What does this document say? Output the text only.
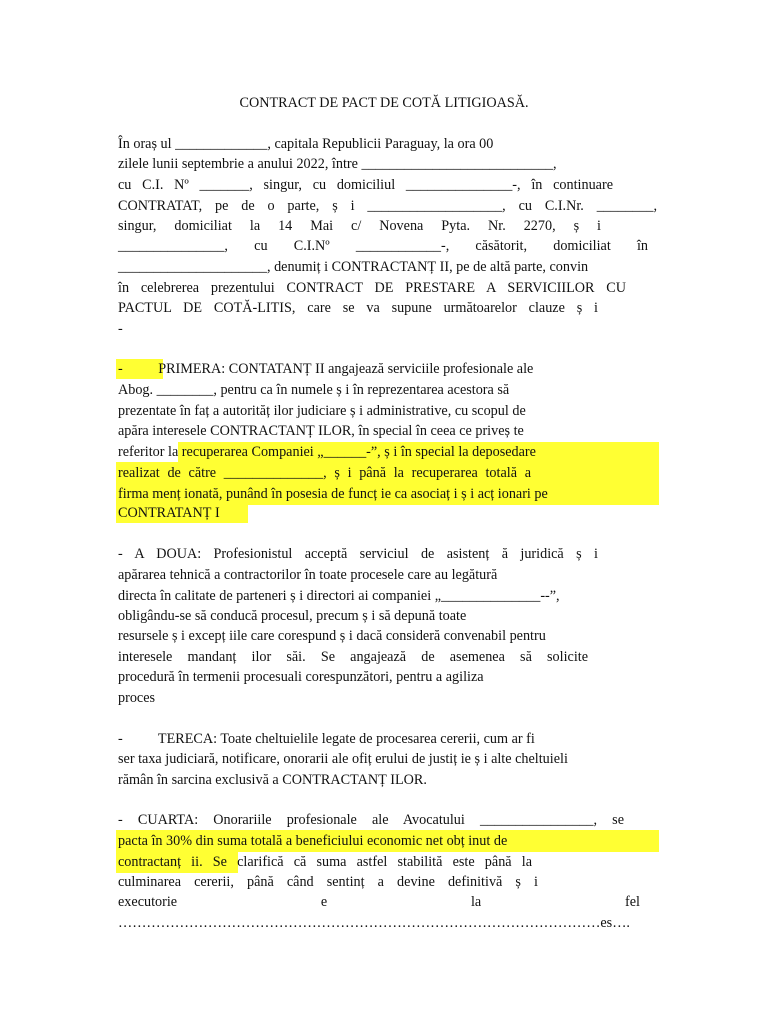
CONTRACT DE PACT DE COTĂ LITIGIOASĂ.
În oraș ul _____________, capitala Republicii Paraguay, la ora 00
zilele lunii septembrie a anului 2022, între ___________________________,
cu C.I. Nº _______, singur, cu domiciliul _______________-, în continuare
CONTRATAT, pe de o parte, ș i ___________________, cu C.I.Nr. ________,
singur, domiciliat la 14 Mai c/ Novena Pyta. Nr. 2270, ș i
_______________, cu C.I.Nº ____________-, căsătorit, domiciliat în
_____________________, denumiț i CONTRACTANȚ II, pe de altă parte, convin
în celebrerea prezentului CONTRACT DE PRESTARE A SERVICIILOR CU
PACTUL DE COTĂ-LITIS, care se va supune următoarelor clauze ș i
-
-          PRIMERA: CONTATANȚ II angajează serviciile profesionale ale
Abog. ________, pentru ca în numele ș i în reprezentarea acestora să
prezentate în faț a autorităț ilor judiciare ș i administrative, cu scopul de
apăra interesele CONTRACTANȚ ILOR, în special în ceea ce priveș te
referitor la recuperarea Companiei „______-”, ș i în special la deposedare
realizat de către ______________, ș i până la recuperarea totală a
firma menț ionată, punând în posesia de funcț ie ca asociaț i ș i acț ionari pe
CONTRATANȚ I
- A DOUA: Profesionistul acceptă serviciul de asistenț ă juridică ș i
apărarea tehnică a contractorilor în toate procesele care au legătură
directa în calitate de parteneri ș i directori ai companiei „______________--”,
obligându-se să conducă procesul, precum ș i să depună toate
resursele ș i excepț iile care corespund ș i dacă consideră convenabil pentru
interesele mandanț ilor săi. Se angajează de asemenea să solicite
procedură în termenii procesuali corespunzători, pentru a agiliza
proces
-          TERECA: Toate cheltuielile legate de procesarea cererii, cum ar fi
ser taxa judiciară, notificare, onorarii ale ofiț erului de justiț ie ș i alte cheltuieli
rămân în sarcina exclusivă a CONTRACTANȚ ILOR.
- CUARTA: Onorariile profesionale ale Avocatului ________________, se
pacta în 30% din suma totală a beneficiului economic net obț inut de
contractanț ii. Se clarifică că suma astfel stabilită este până la
culminarea cererii, până când sentinț a devine definitivă ș i
executorie e la fel
…………………………………………………………………………………………es….
